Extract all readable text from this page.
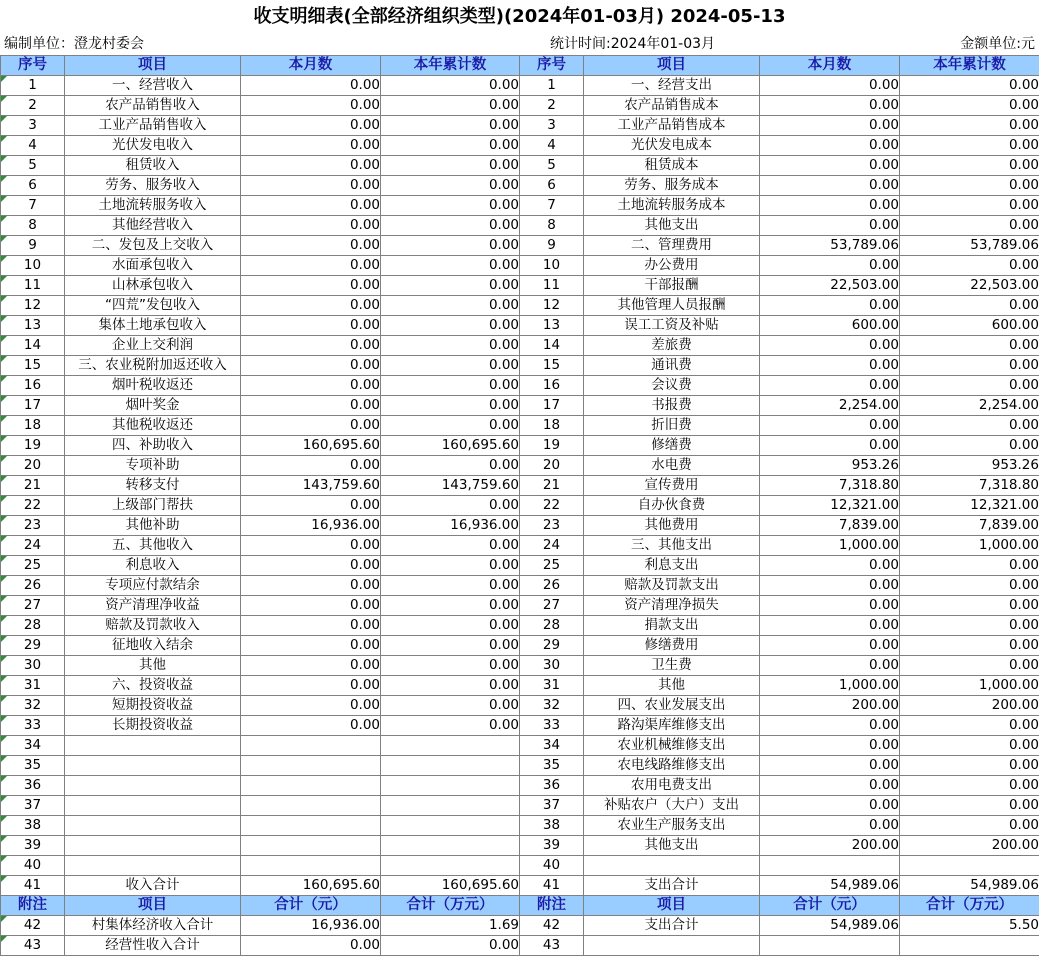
收支明细表(全部经济组织类型)(2024年01-03月) 2024-05-13
编制单位：澄龙村委会	统计时间:2024年01-03月	金额单位:元
序号	项目	本月数	本年累计数	序号	项目	本月数	本年累计数
1	一、经营收入	0.00	0.00	1	一、经营支出	0.00	0.00
2	农产品销售收入	0.00	0.00	2	农产品销售成本	0.00	0.00
3	工业产品销售收入	0.00	0.00	3	工业产品销售成本	0.00	0.00
4	光伏发电收入	0.00	0.00	4	光伏发电成本	0.00	0.00
5	租赁收入	0.00	0.00	5	租赁成本	0.00	0.00
6	劳务、服务收入	0.00	0.00	6	劳务、服务成本	0.00	0.00
7	土地流转服务收入	0.00	0.00	7	土地流转服务成本	0.00	0.00
8	其他经营收入	0.00	0.00	8	其他支出	0.00	0.00
9	二、发包及上交收入	0.00	0.00	9	二、管理费用	53,789.06	53,789.06
10	水面承包收入	0.00	0.00	10	办公费用	0.00	0.00
11	山林承包收入	0.00	0.00	11	干部报酬	22,503.00	22,503.00
12	“四荒”发包收入	0.00	0.00	12	其他管理人员报酬	0.00	0.00
13	集体土地承包收入	0.00	0.00	13	误工工资及补贴	600.00	600.00
14	企业上交利润	0.00	0.00	14	差旅费	0.00	0.00
15	三、农业税附加返还收入	0.00	0.00	15	通讯费	0.00	0.00
16	烟叶税收返还	0.00	0.00	16	会议费	0.00	0.00
17	烟叶奖金	0.00	0.00	17	书报费	2,254.00	2,254.00
18	其他税收返还	0.00	0.00	18	折旧费	0.00	0.00
19	四、补助收入	160,695.60	160,695.60	19	修缮费	0.00	0.00
20	专项补助	0.00	0.00	20	水电费	953.26	953.26
21	转移支付	143,759.60	143,759.60	21	宣传费用	7,318.80	7,318.80
22	上级部门帮扶	0.00	0.00	22	自办伙食费	12,321.00	12,321.00
23	其他补助	16,936.00	16,936.00	23	其他费用	7,839.00	7,839.00
24	五、其他收入	0.00	0.00	24	三、其他支出	1,000.00	1,000.00
25	利息收入	0.00	0.00	25	利息支出	0.00	0.00
26	专项应付款结余	0.00	0.00	26	赔款及罚款支出	0.00	0.00
27	资产清理净收益	0.00	0.00	27	资产清理净损失	0.00	0.00
28	赔款及罚款收入	0.00	0.00	28	捐款支出	0.00	0.00
29	征地收入结余	0.00	0.00	29	修缮费用	0.00	0.00
30	其他	0.00	0.00	30	卫生费	0.00	0.00
31	六、投资收益	0.00	0.00	31	其他	1,000.00	1,000.00
32	短期投资收益	0.00	0.00	32	四、农业发展支出	200.00	200.00
33	长期投资收益	0.00	0.00	33	路沟渠库维修支出	0.00	0.00
34				34	农业机械维修支出	0.00	0.00
35				35	农电线路维修支出	0.00	0.00
36				36	农用电费支出	0.00	0.00
37				37	补贴农户（大户）支出	0.00	0.00
38				38	农业生产服务支出	0.00	0.00
39				39	其他支出	200.00	200.00
40				40			
41	收入合计	160,695.60	160,695.60	41	支出合计	54,989.06	54,989.06
附注	项目	合计（元）	合计（万元）	附注	项目	合计（元）	合计（万元）
42	村集体经济收入合计	16,936.00	1.69	42	支出合计	54,989.06	5.50
43	经营性收入合计	0.00	0.00	43			
